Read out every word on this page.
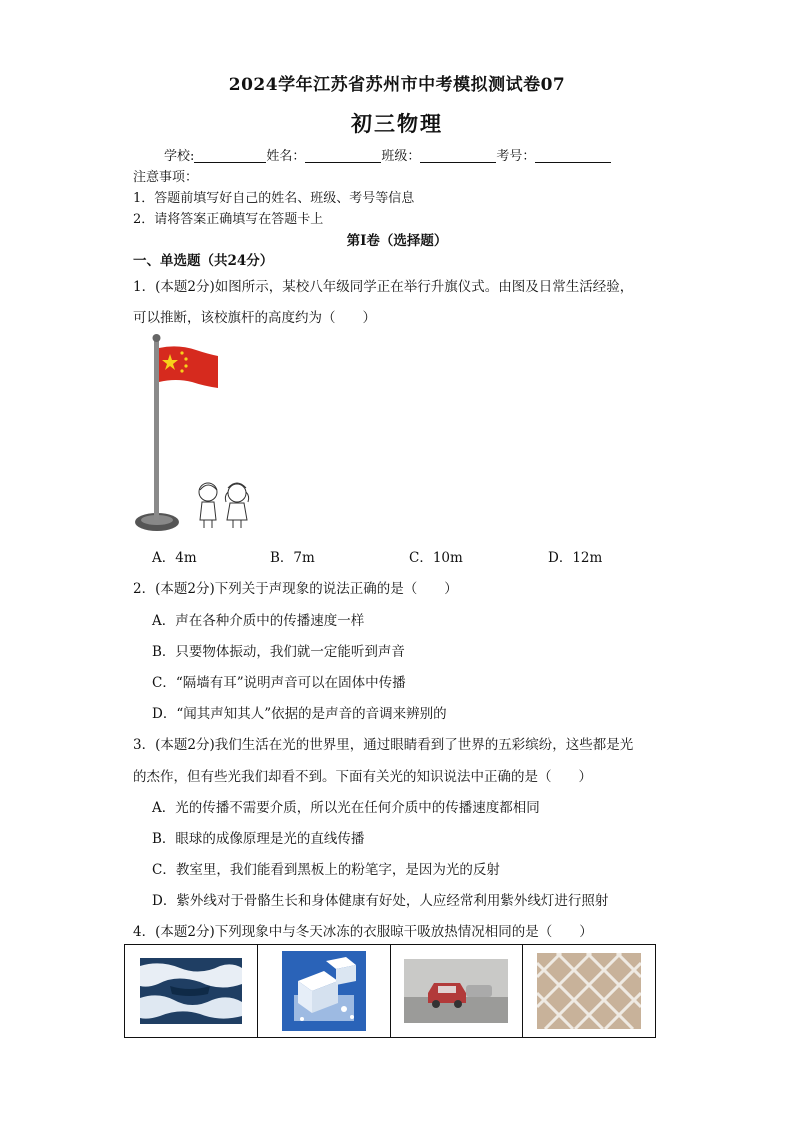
2024学年江苏省苏州市中考模拟测试卷07
初三物理
学校:	姓名：	班级：	考号：
注意事项：
1．答题前填写好自己的姓名、班级、考号等信息
2．请将答案正确填写在答题卡上
第I卷（选择题）
一、单选题（共24分）
1．(本题2分)如图所示，某校八年级同学正在举行升旗仪式。由图及日常生活经验，
可以推断，该校旗杆的高度约为（　　）
A．4m	B．7m	C．10m	D．12m
2．(本题2分)下列关于声现象的说法正确的是（　　）
A．声在各种介质中的传播速度一样
B．只要物体振动，我们就一定能听到声音
C．“隔墙有耳”说明声音可以在固体中传播
D．“闻其声知其人”依据的是声音的音调来辨别的
3．(本题2分)我们生活在光的世界里，通过眼睛看到了世界的五彩缤纷，这些都是光
的杰作，但有些光我们却看不到。下面有关光的知识说法中正确的是（　　）
A．光的传播不需要介质，所以光在任何介质中的传播速度都相同
B．眼球的成像原理是光的直线传播
C．教室里，我们能看到黑板上的粉笔字，是因为光的反射
D．紫外线对于骨骼生长和身体健康有好处，人应经常利用紫外线灯进行照射
4．(本题2分)下列现象中与冬天冰冻的衣服晾干吸放热情况相同的是（　　）
